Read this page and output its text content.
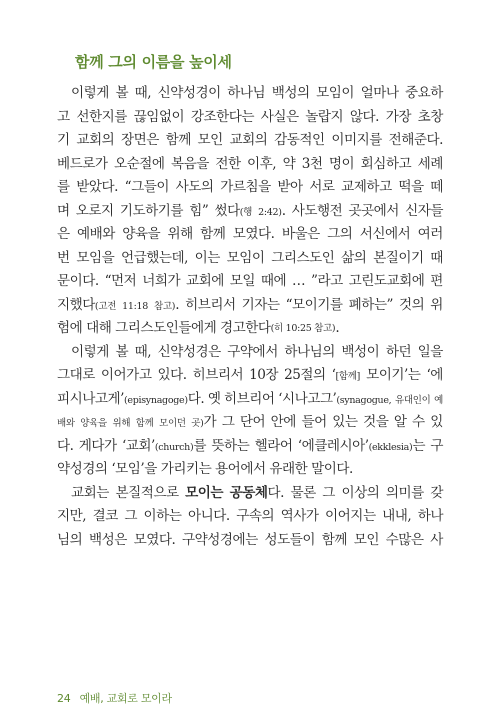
함께 그의 이름을 높이세
이렇게 볼 때, 신약성경이 하나님 백성의 모임이 얼마나 중요하
고 선한지를 끊임없이 강조한다는 사실은 놀랍지 않다. 가장 초창
기 교회의 장면은 함께 모인 교회의 감동적인 이미지를 전해준다.
베드로가 오순절에 복음을 전한 이후, 약 3천 명이 회심하고 세례
를 받았다. “그들이 사도의 가르침을 받아 서로 교제하고 떡을 떼
며 오로지 기도하기를 힘” 썼다(행 2:42). 사도행전 곳곳에서 신자들
은 예배와 양육을 위해 함께 모였다. 바울은 그의 서신에서 여러
번 모임을 언급했는데, 이는 모임이 그리스도인 삶의 본질이기 때
문이다. “먼저 너희가 교회에 모일 때에 … ”라고 고린도교회에 편
지했다(고전 11:18 참고). 히브리서 기자는 “모이기를 폐하는” 것의 위
험에 대해 그리스도인들에게 경고한다 (히 10:25 참고) .
이렇게 볼 때, 신약성경은 구약에서 하나님의 백성이 하던 일을
그대로 이어가고 있다. 히브리서 10장 25절의 ‘[함께] 모이기’는 ‘에
피시나고게’(episynagoge)다. 옛 히브리어 ‘시나고그’(synagogue, 유대인이 예
배와 양육을 위해 함께 모이던 곳)가 그 단어 안에 들어 있는 것을 알 수 있
다. 게다가 ‘교회’(church)를 뜻하는 헬라어 ‘에클레시아’(ekklesia)는 구
약성경의 ‘모임’을 가리키는 용어에서 유래한 말이다.
교회는 본질적으로 모이는 공동체다. 물론 그 이상의 의미를 갖
지만, 결코 그 이하는 아니다. 구속의 역사가 이어지는 내내, 하나
님의 백성은 모였다. 구약성경에는 성도들이 함께 모인 수많은 사
24 예배, 교회로 모이라
